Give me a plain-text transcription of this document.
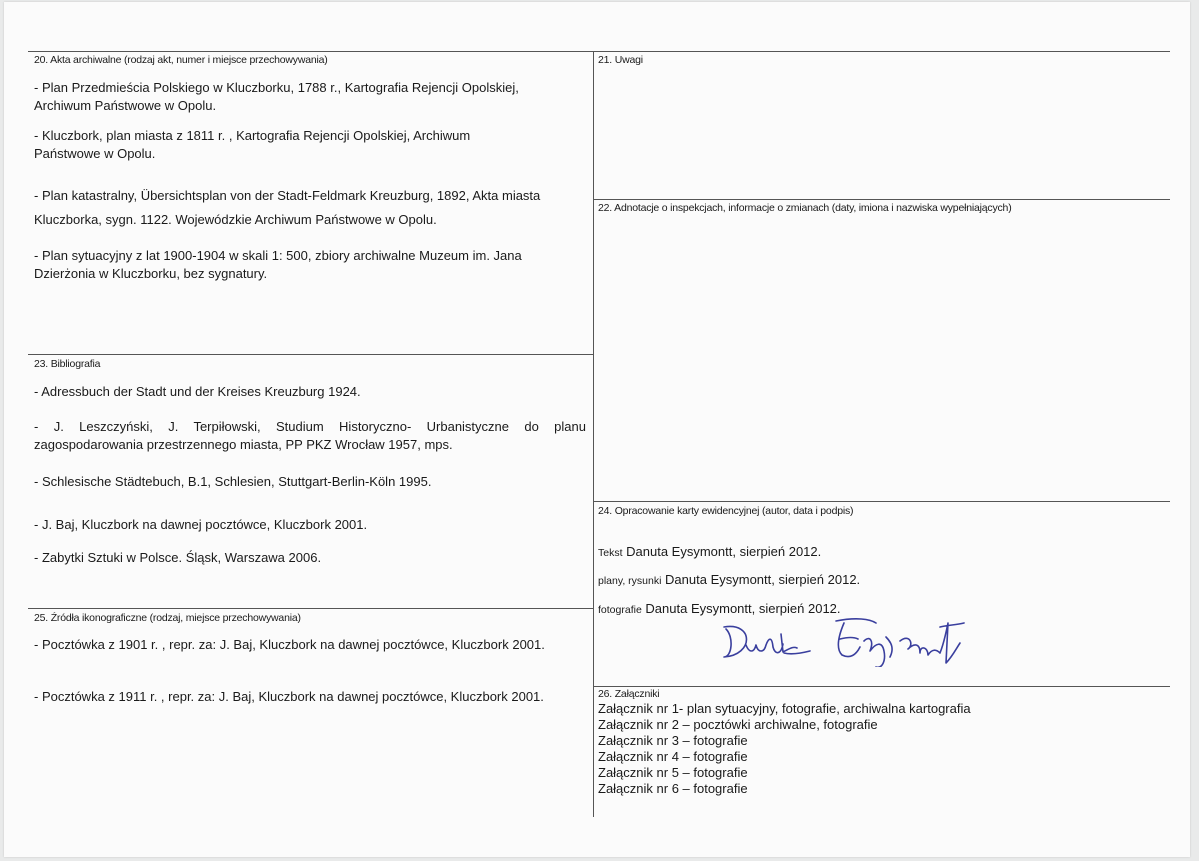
20. Akta archiwalne (rodzaj akt, numer i miejsce przechowywania)
- Plan Przedmieścia Polskiego w Kluczborku, 1788 r., Kartografia Rejencji Opolskiej, Archiwum Państwowe w Opolu.
- Kluczbork, plan miasta z 1811 r. , Kartografia Rejencji Opolskiej, Archiwum Państwowe w Opolu.
- Plan katastralny, Übersichtsplan von der Stadt-Feldmark Kreuzburg, 1892, Akta miasta Kluczborka, sygn. 1122. Wojewódzkie Archiwum Państwowe w Opolu.
- Plan sytuacyjny z lat 1900-1904 w skali 1: 500, zbiory archiwalne Muzeum im. Jana Dzierżonia w Kluczborku, bez sygnatury.
21. Uwagi
22. Adnotacje o inspekcjach, informacje o zmianach (daty, imiona i nazwiska wypełniających)
23. Bibliografia
- Adressbuch der Stadt und der Kreises Kreuzburg 1924.
- J. Leszczyński, J. Terpiłowski, Studium Historyczno- Urbanistyczne do planu zagospodarowania przestrzennego miasta, PP PKZ Wrocław 1957, mps.
- Schlesische Städtebuch, B.1, Schlesien, Stuttgart-Berlin-Köln 1995.
- J. Baj, Kluczbork na dawnej pocztówce, Kluczbork 2001.
- Zabytki Sztuki w Polsce. Śląsk, Warszawa 2006.
24. Opracowanie karty ewidencyjnej (autor, data i podpis)
Tekst Danuta Eysymontt, sierpień 2012.
plany, rysunki Danuta Eysymontt, sierpień 2012.
fotografie Danuta Eysymontt, sierpień 2012.
25. Źródła ikonograficzne (rodzaj, miejsce przechowywania)
- Pocztówka z 1901 r. , repr. za: J. Baj, Kluczbork na dawnej pocztówce, Kluczbork 2001.
- Pocztówka z 1911 r. , repr. za: J. Baj, Kluczbork na dawnej pocztówce, Kluczbork 2001.	26. Załączniki
Załącznik nr 1- plan sytuacyjny, fotografie, archiwalna kartografia
Załącznik nr 2 – pocztówki archiwalne, fotografie
Załącznik nr 3 – fotografie
Załącznik nr 4 – fotografie
Załącznik nr 5 – fotografie
Załącznik nr 6 – fotografie
